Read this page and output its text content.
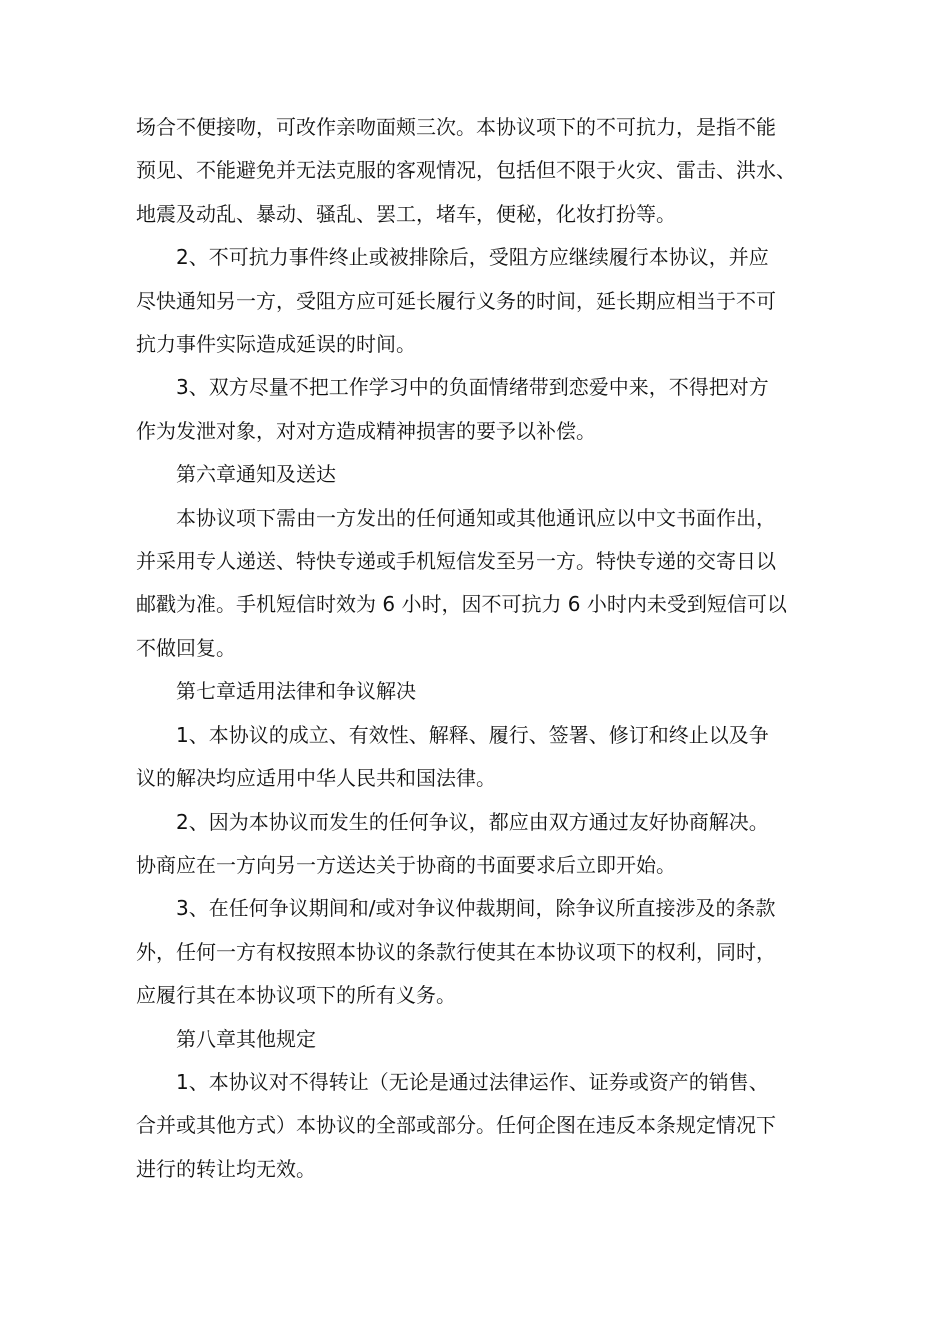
场合不便接吻，可改作亲吻面颊三次。本协议项下的不可抗力，是指不能
预见、不能避免并无法克服的客观情况，包括但不限于火灾、雷击、洪水、
地震及动乱、暴动、骚乱、罢工，堵车，便秘，化妆打扮等。

2、不可抗力事件终止或被排除后，受阻方应继续履行本协议，并应
尽快通知另一方，受阻方应可延长履行义务的时间，延长期应相当于不可
抗力事件实际造成延误的时间。

3、双方尽量不把工作学习中的负面情绪带到恋爱中来，不得把对方
作为发泄对象，对对方造成精神损害的要予以补偿。

第六章通知及送达

本协议项下需由一方发出的任何通知或其他通讯应以中文书面作出，
并采用专人递送、特快专递或手机短信发至另一方。特快专递的交寄日以
邮戳为准。手机短信时效为 6 小时，因不可抗力 6 小时内未受到短信可以
不做回复。

第七章适用法律和争议解决

1、本协议的成立、有效性、解释、履行、签署、修订和终止以及争
议的解决均应适用中华人民共和国法律。

2、因为本协议而发生的任何争议，都应由双方通过友好协商解决。
协商应在一方向另一方送达关于协商的书面要求后立即开始。

3、在任何争议期间和/或对争议仲裁期间，除争议所直接涉及的条款
外，任何一方有权按照本协议的条款行使其在本协议项下的权利，同时，
应履行其在本协议项下的所有义务。

第八章其他规定

1、本协议对不得转让（无论是通过法律运作、证券或资产的销售、
合并或其他方式）本协议的全部或部分。任何企图在违反本条规定情况下
进行的转让均无效。
